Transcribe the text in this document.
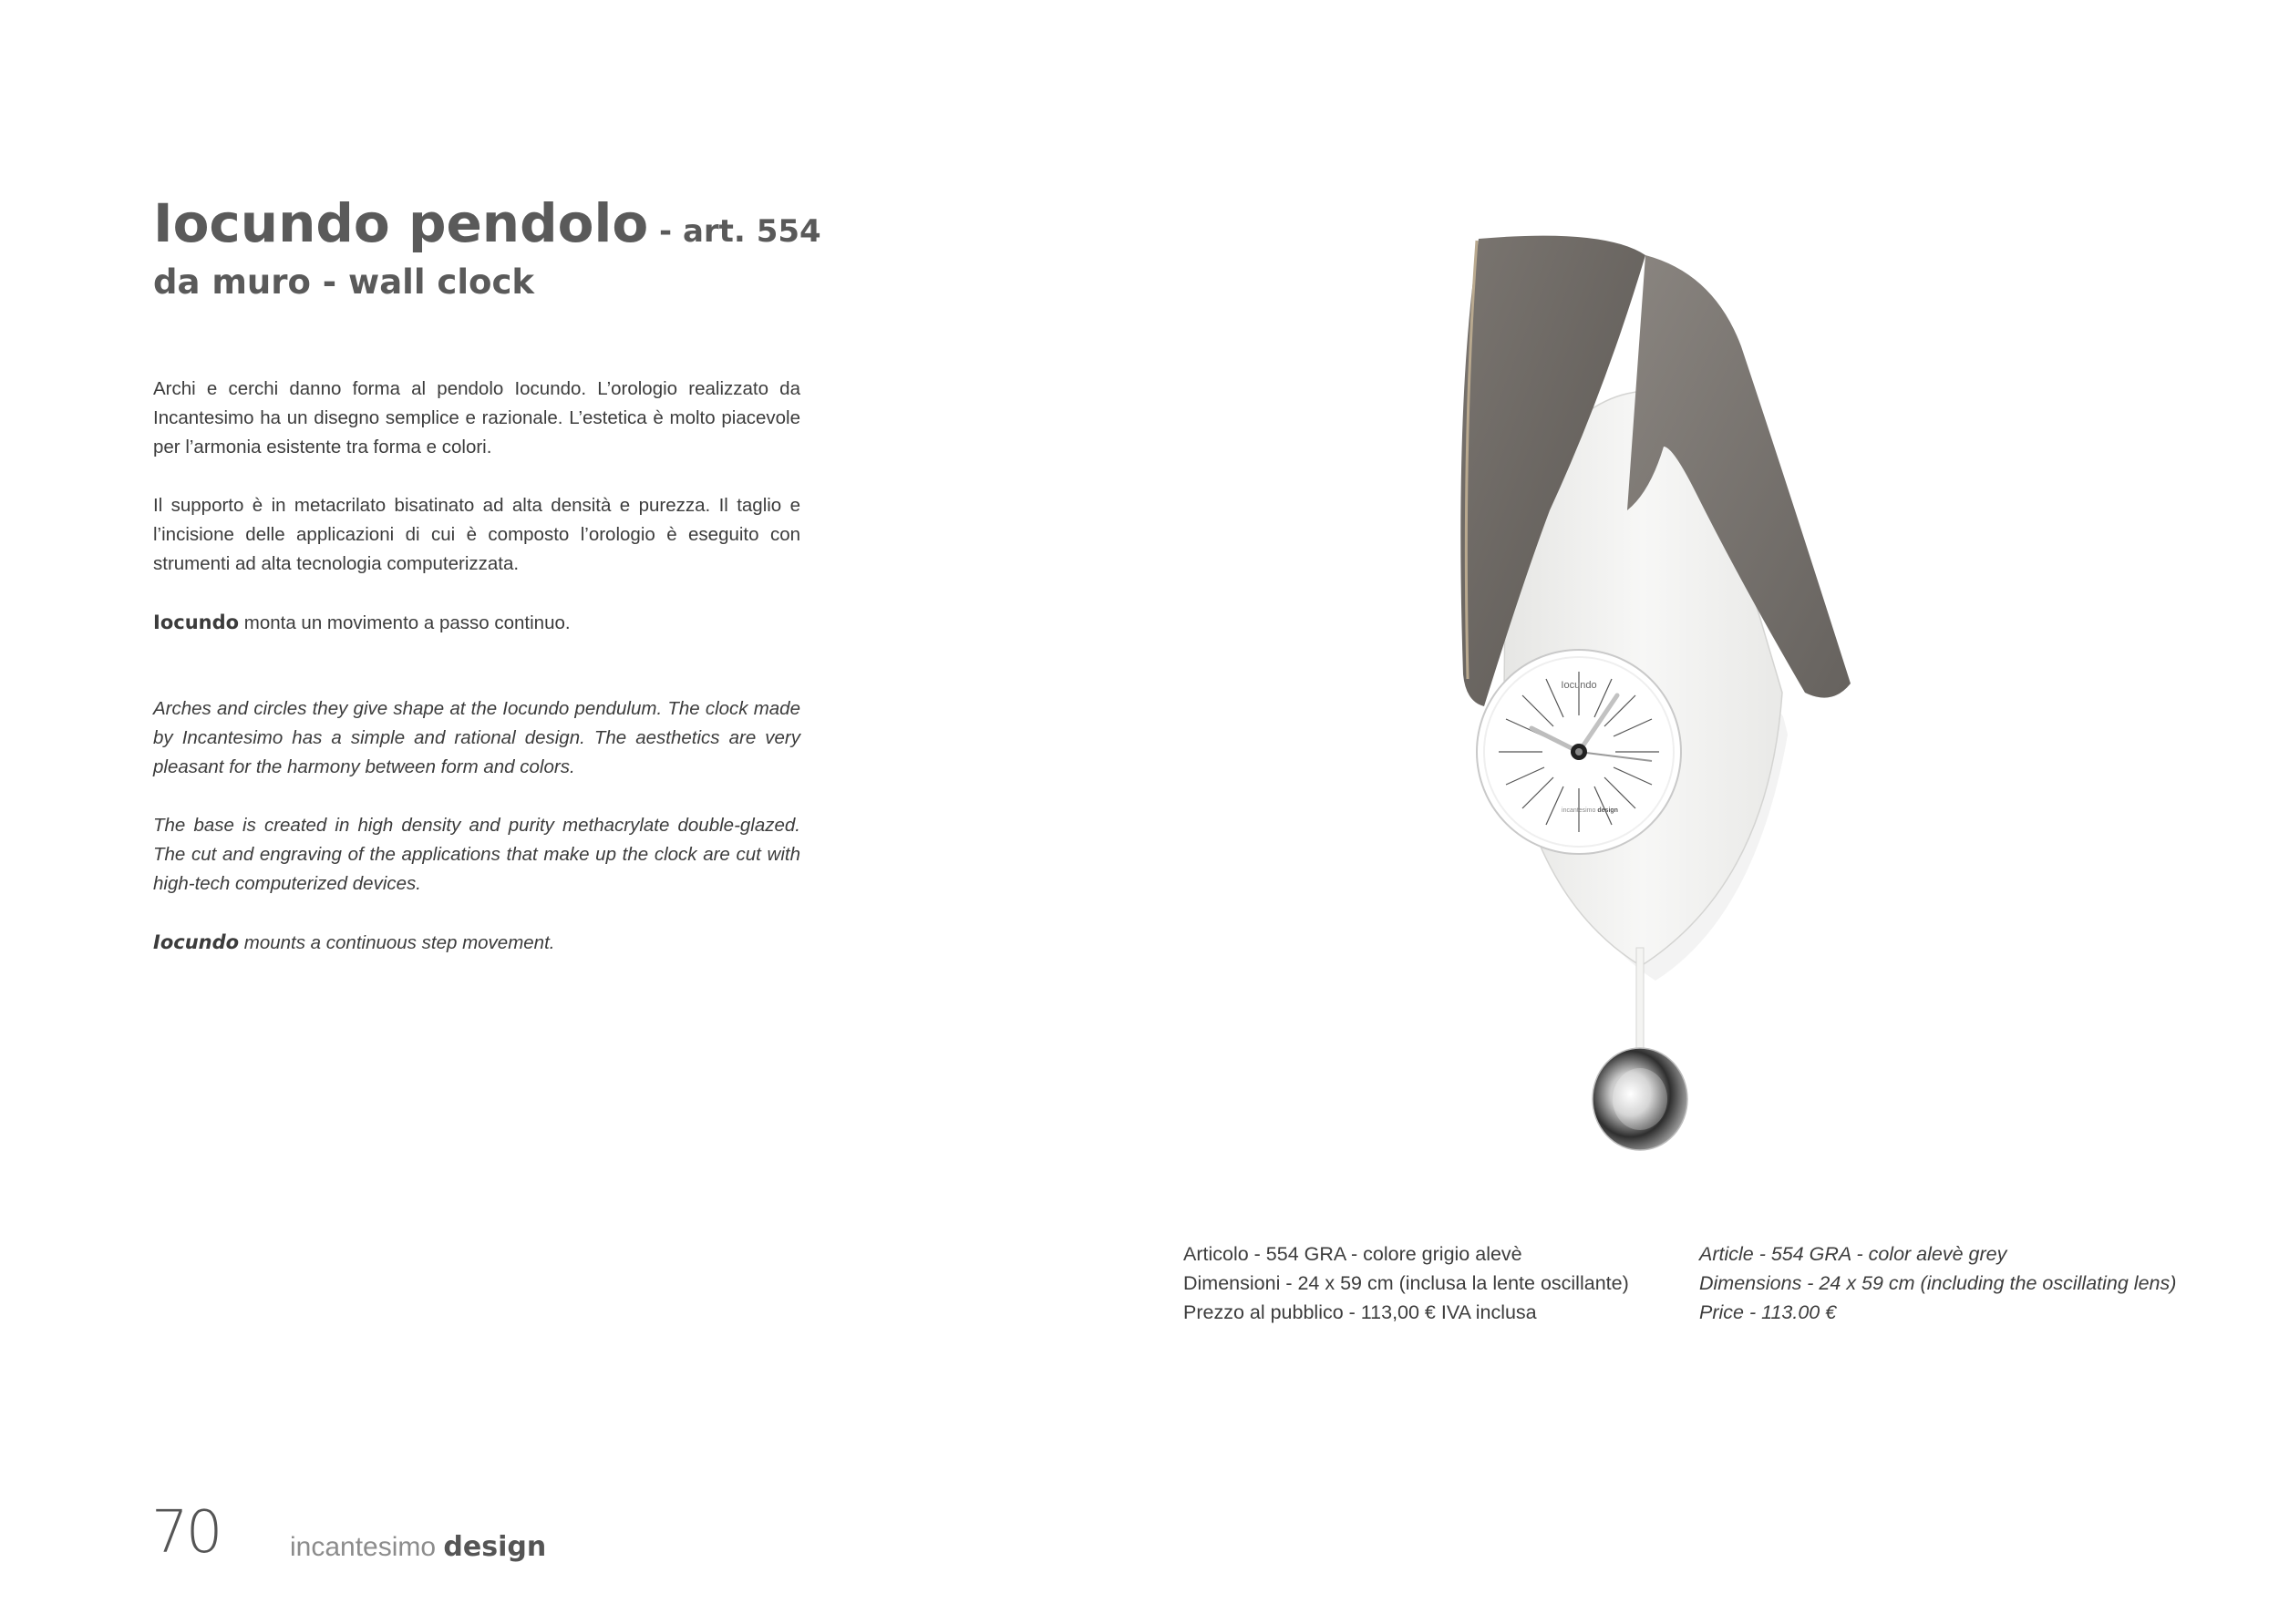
Iocundo pendolo - art. 554
da muro - wall clock

Archi e cerchi danno forma al pendolo Iocundo. L’orologio realizzato da Incantesimo ha un disegno semplice e razionale. L’estetica è molto piacevole per l’armonia esistente tra forma e colori.

Il supporto è in metacrilato bisatinato ad alta densità e purezza. Il taglio e l’incisione delle applicazioni di cui è composto l’orologio è eseguito con strumenti ad alta tecnologia computerizzata.

Iocundo monta un movimento a passo continuo.

Arches and circles they give shape at the Iocundo pendulum. The clock made by Incantesimo has a simple and rational design. The aesthetics are very pleasant for the harmony between form and colors.

The base is created in high density and purity methacrylate double-glazed. The cut and engraving of the applications that make up the clock are cut with high-tech computerized devices.

Iocundo mounts a continuous step movement.

Iocundo
incantesimo design
Articolo - 554 GRA - colore grigio alevè
Dimensioni - 24 x 59 cm (inclusa la lente oscillante)
Prezzo al pubblico - 113,00 € IVA inclusa
Article - 554 GRA - color alevè grey
Dimensions - 24 x 59 cm (including the oscillating lens)
Price - 113.00 €

70	incantesimo design
